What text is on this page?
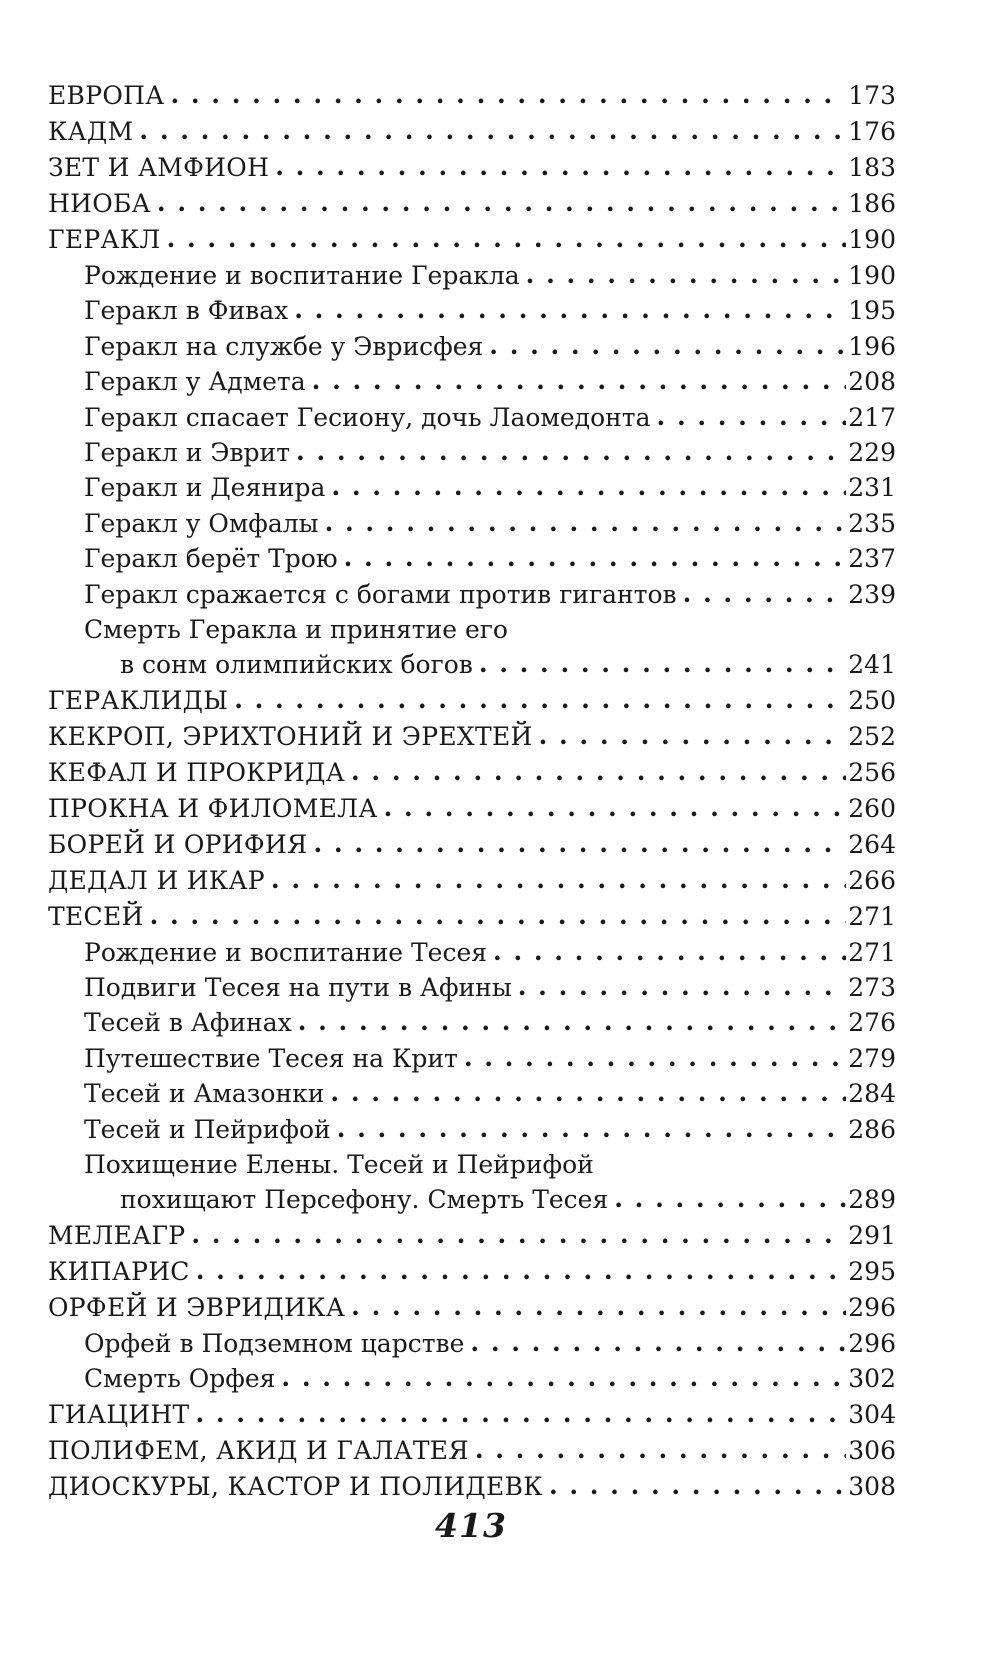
ЕВРОПА . . .	173
КАДМ . . .	176
ЗЕТ И АМФИОН . . .	183
НИОБА . . .	186
ГЕРАКЛ . . .	190
Рождение и воспитание Геракла . . .	190
Геракл в Фивах . . .	195
Геракл на службе у Эврисфея . . .	196
Геракл у Адмета . . .	208
Геракл спасает Гесиону, дочь Лаомедонта . . .	217
Геракл и Эврит . . .	229
Геракл и Деянира . . .	231
Геракл у Омфалы . . .	235
Геракл берёт Трою . . .	237
Геракл сражается с богами против гигантов . . .	239
Смерть Геракла и принятие его
в сонм олимпийских богов . . .	241
ГЕРАКЛИДЫ . . .	250
КЕКРОП, ЭРИХТОНИЙ И ЭРЕХТЕЙ . . .	252
КЕФАЛ И ПРОКРИДА . . .	256
ПРОКНА И ФИЛОМЕЛА . . .	260
БОРЕЙ И ОРИФИЯ . . .	264
ДЕДАЛ И ИКАР . . .	266
ТЕСЕЙ . . .	271
Рождение и воспитание Тесея . . .	271
Подвиги Тесея на пути в Афины . . .	273
Тесей в Афинах . . .	276
Путешествие Тесея на Крит . . .	279
Тесей и Амазонки . . .	284
Тесей и Пейрифой . . .	286
Похищение Елены. Тесей и Пейрифой
похищают Персефону. Смерть Тесея . . .	289
МЕЛЕАГР . . .	291
КИПАРИС . . .	295
ОРФЕЙ И ЭВРИДИКА . . .	296
Орфей в Подземном царстве . . .	296
Смерть Орфея . . .	302
ГИАЦИНТ . . .	304
ПОЛИФЕМ, АКИД И ГАЛАТЕЯ . . .	306
ДИОСКУРЫ, КАСТОР И ПОЛИДЕВК . . .	308
413
